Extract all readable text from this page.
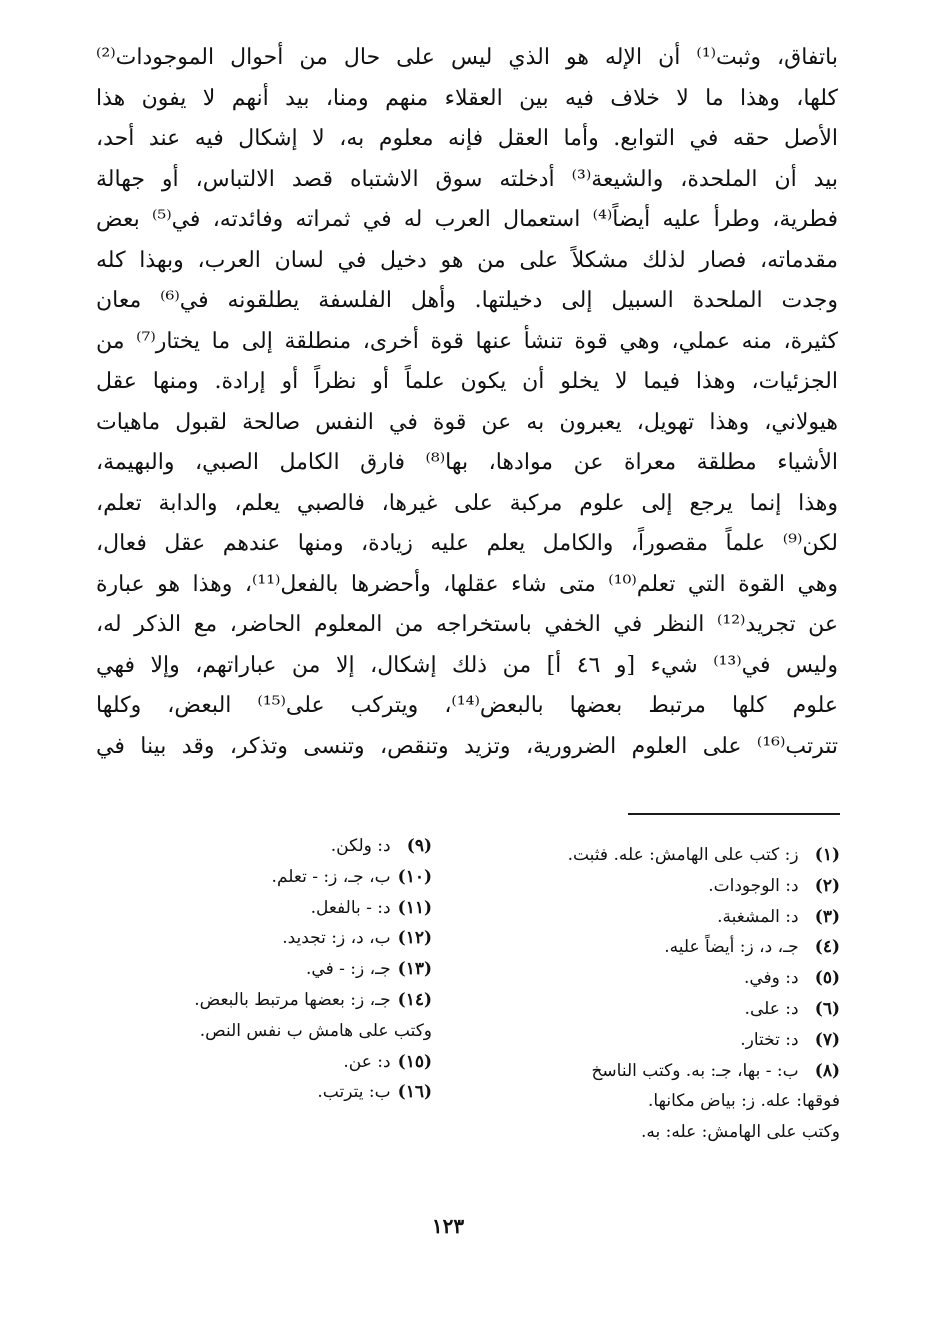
باتفاق، وثبت⁽¹⁾ أن الإله هو الذي ليس على حال من أحوال الموجودات⁽²⁾
كلها، وهذا ما لا خلاف فيه بين العقلاء منهم ومنا، بيد أنهم لا يفون هذا
الأصل حقه في التوابع. وأما العقل فإنه معلوم به، لا إشكال فيه عند أحد،
بيد أن الملحدة، والشيعة⁽³⁾ أدخلته سوق الاشتباه قصد الالتباس، أو جهالة
فطرية، وطرأ عليه أيضاً⁽⁴⁾ استعمال العرب له في ثمراته وفائدته، في⁽⁵⁾ بعض
مقدماته، فصار لذلك مشكلاً على من هو دخيل في لسان العرب، وبهذا كله
وجدت الملحدة السبيل إلى دخيلتها. وأهل الفلسفة يطلقونه في⁽⁶⁾ معان
كثيرة، منه عملي، وهي قوة تنشأ عنها قوة أخرى، منطلقة إلى ما يختار⁽⁷⁾ من
الجزئيات، وهذا فيما لا يخلو أن يكون علماً أو نظراً أو إرادة. ومنها عقل
هيولاني، وهذا تهويل، يعبرون به عن قوة في النفس صالحة لقبول ماهيات
الأشياء مطلقة معراة عن موادها، بها⁽⁸⁾ فارق الكامل الصبي، والبهيمة،
وهذا إنما يرجع إلى علوم مركبة على غيرها، فالصبي يعلم، والدابة تعلم،
لكن⁽⁹⁾ علماً مقصوراً، والكامل يعلم عليه زيادة، ومنها عندهم عقل فعال،
وهي القوة التي تعلم⁽¹⁰⁾ متى شاء عقلها، وأحضرها بالفعل⁽¹¹⁾، وهذا هو عبارة
عن تجريد⁽¹²⁾ النظر في الخفي باستخراجه من المعلوم الحاضر، مع الذكر له،
وليس في⁽¹³⁾ شيء [و ٤٦ أ] من ذلك إشكال، إلا من عباراتهم، وإلا فهي
علوم كلها مرتبط بعضها بالبعض⁽¹⁴⁾، ويتركب على⁽¹⁵⁾ البعض، وكلها
تترتب⁽¹⁶⁾ على العلوم الضرورية، وتزيد وتنقص، وتنسى وتذكر، وقد بينا في
(١) ز: كتب على الهامش: عله. فثبت.
(٢) د: الوجودات.
(٣) د: المشغبة.
(٤) جـ، د، ز: أيضاً عليه.
(٥) د: وفي.
(٦) د: على.
(٧) د: تختار.
(٨) ب: - بها، جـ: به. وكتب الناسخ
فوقها: عله. ز: بياض مكانها.
وكتب على الهامش: عله: به.
(٩) د: ولكن.
(١٠) ب، جـ، ز: - تعلم.
(١١) د: - بالفعل.
(١٢) ب، د، ز: تجديد.
(١٣) جـ، ز: - في.
(١٤) جـ، ز: بعضها مرتبط بالبعض.
وكتب على هامش ب نفس النص.
(١٥) د: عن.
(١٦) ب: يترتب.
١٢٣
